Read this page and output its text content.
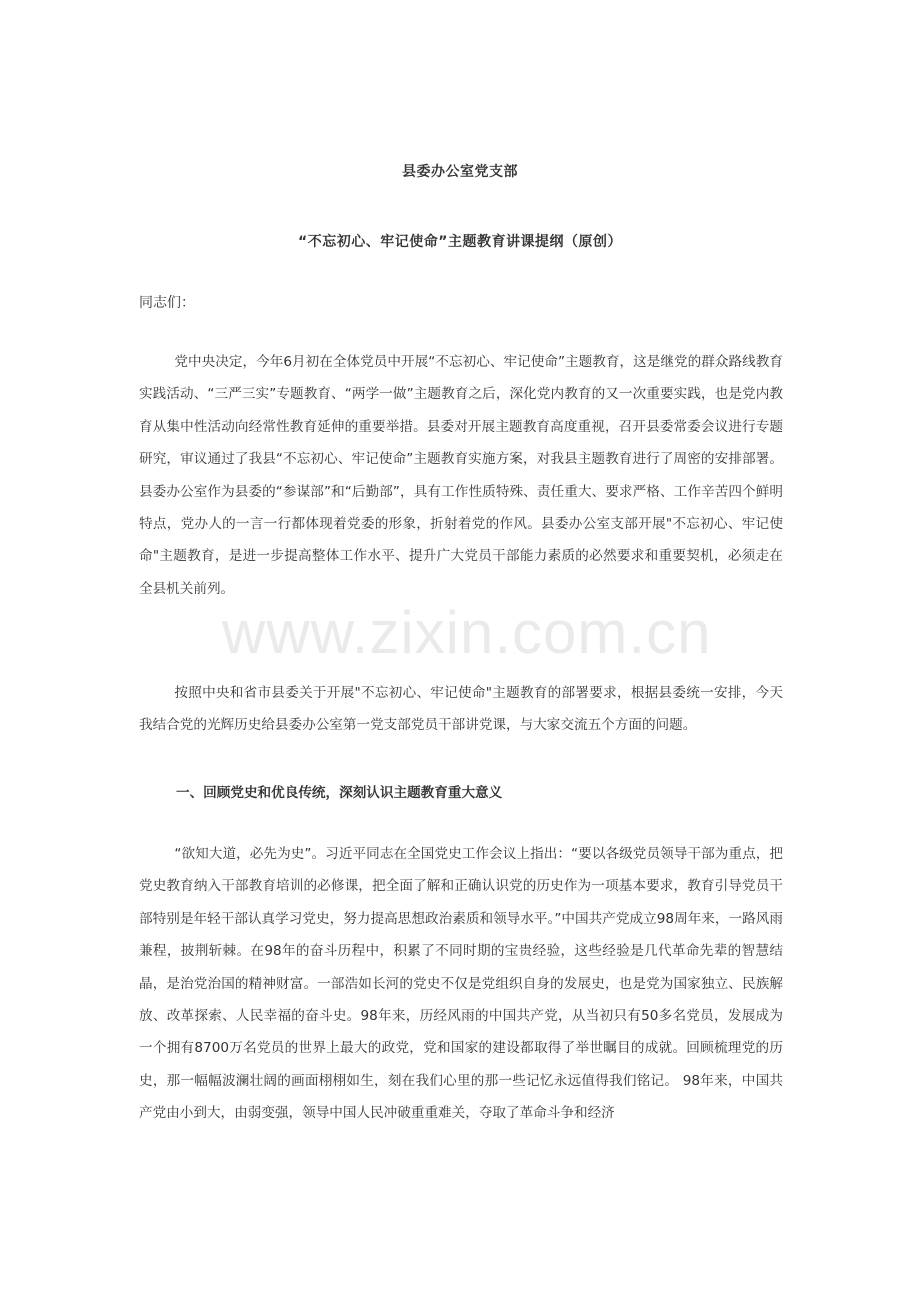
县委办公室党支部
“不忘初心、牢记使命”主题教育讲课提纲（原创）
同志们：

党中央决定，今年6月初在全体党员中开展“不忘初心、牢记使命”主题教育，这是继党的群众路线教育实践活动、“三严三实”专题教育、“两学一做”主题教育之后，深化党内教育的又一次重要实践，也是党内教育从集中性活动向经常性教育延伸的重要举措。县委对开展主题教育高度重视，召开县委常委会议进行专题研究，审议通过了我县“不忘初心、牢记使命”主题教育实施方案，对我县主题教育进行了周密的安排部署。县委办公室作为县委的“参谋部”和“后勤部”，具有工作性质特殊、责任重大、要求严格、工作辛苦四个鲜明特点，党办人的一言一行都体现着党委的形象，折射着党的作风。县委办公室支部开展"不忘初心、牢记使命"主题教育，是进一步提高整体工作水平、提升广大党员干部能力素质的必然要求和重要契机，必须走在全县机关前列。

www.zixin.com.cn

按照中央和省市县委关于开展"不忘初心、牢记使命"主题教育的部署要求，根据县委统一安排，今天我结合党的光辉历史给县委办公室第一党支部党员干部讲党课，与大家交流五个方面的问题。

一、回顾党史和优良传统，深刻认识主题教育重大意义

“欲知大道，必先为史”。习近平同志在全国党史工作会议上指出：“要以各级党员领导干部为重点，把党史教育纳入干部教育培训的必修课，把全面了解和正确认识党的历史作为一项基本要求，教育引导党员干部特别是年轻干部认真学习党史，努力提高思想政治素质和领导水平。”中国共产党成立98周年来，一路风雨兼程，披荆斩棘。在98年的奋斗历程中，积累了不同时期的宝贵经验，这些经验是几代革命先辈的智慧结晶，是治党治国的精神财富。一部浩如长河的党史不仅是党组织自身的发展史，也是党为国家独立、民族解放、改革探索、人民幸福的奋斗史。98年来，历经风雨的中国共产党，从当初只有50多名党员，发展成为一个拥有8700万名党员的世界上最大的政党，党和国家的建设都取得了举世瞩目的成就。回顾梳理党的历史，那一幅幅波澜壮阔的画面栩栩如生，刻在我们心里的那一些记忆永远值得我们铭记。 98年来，中国共产党由小到大，由弱变强，领导中国人民冲破重重难关，夺取了革命斗争和经济
